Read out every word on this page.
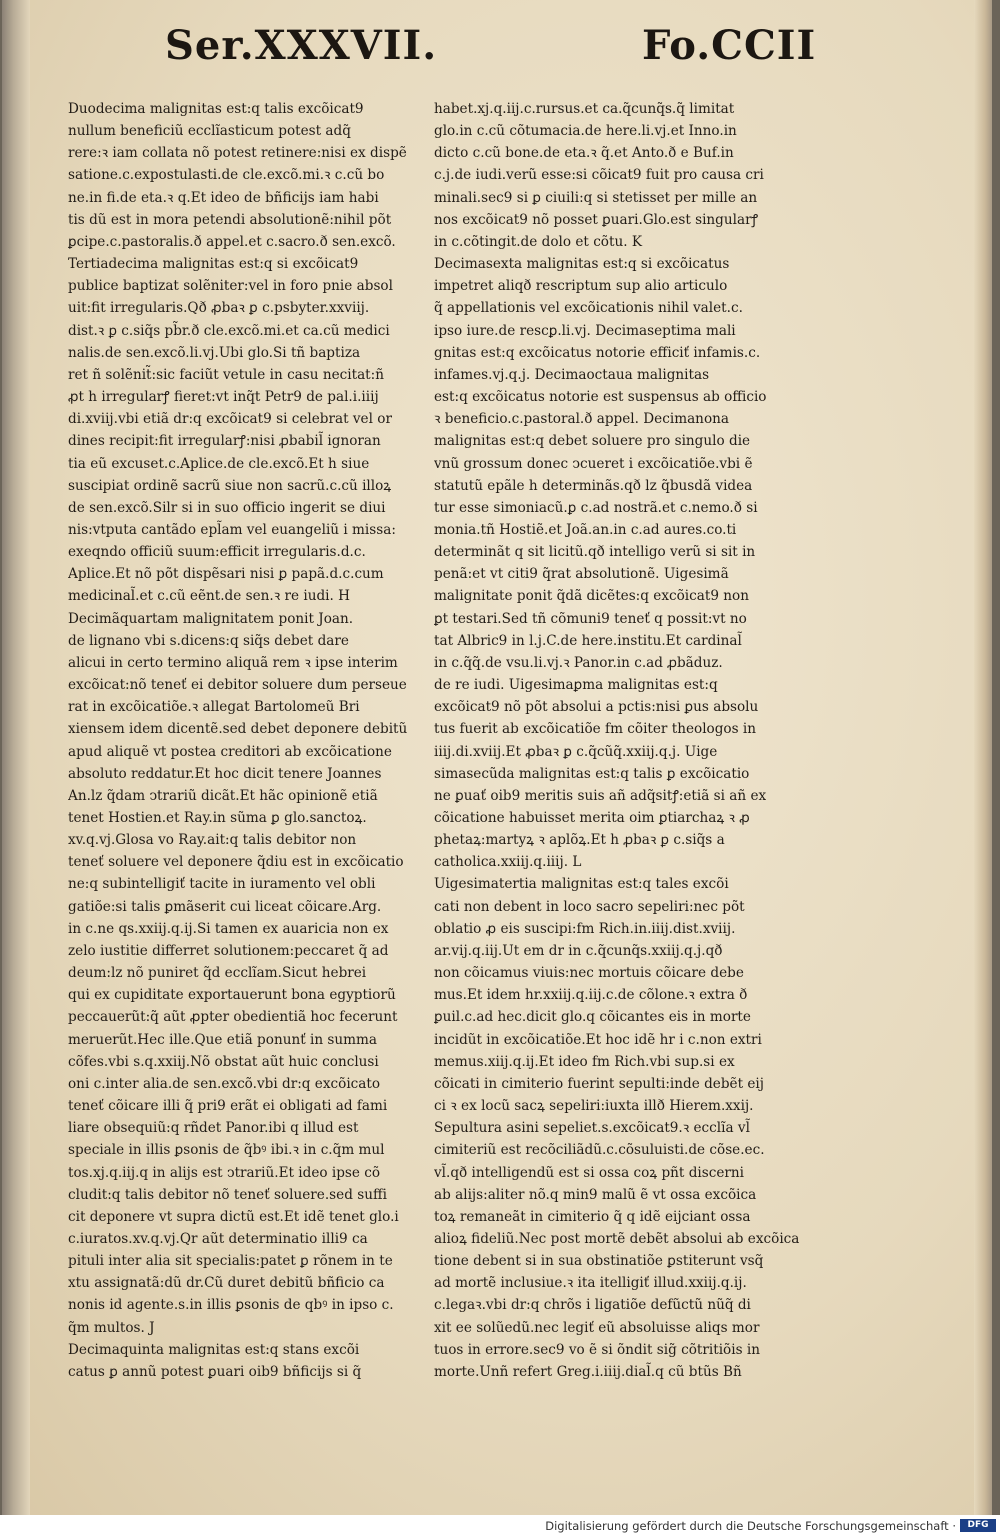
Ser.XXXVII.	Fo.CCII
Duodecima malignitas est:q talis excõicat9
nullum beneficiũ ecclĩasticum potest adq̃
rere:ꝛ iam collata nõ potest retinere:nisi ex dispẽ
satione.c.expostulasti.de cle.excõ.mi.ꝛ c.cũ bo
ne.in fi.de eta.ꝛ q.Et ideo de bñficijs iam habi
tis dũ est in mora petendi absolutionẽ:nihil põt
ꝑcipe.c.pastoralis.ð appel.et c.sacro.ð sen.excõ.
Tertiadecima malignitas est:q si excõicat9
publice baptizat solẽniter:vel in foro pnie absol
uit:fit irregularis.Qð ꝓbaꝛ ꝑ c.psbyter.xxviij.
dist.ꝛ ꝑ c.siq̃s pb̃r.ð cle.excõ.mi.et ca.cũ medici
nalis.de sen.excõ.li.vj.Ubi glo.Si tñ baptiza
ret ñ solẽnit̃:sic faciũt vetule in casu necitat:ñ
ꝓt h irregularꝭ fieret:vt inq̃t Petr9 de pal.i.iiij
di.xviij.vbi etiã dr:q excõicat9 si celebrat vel or
dines recipit:fit irregularꝭ:nisi ꝓbabil̃ ignoran
tia eũ excuset.c.Aplice.de cle.excõ.Et h siue
suscipiat ordinẽ sacrũ siue non sacrũ.c.cũ illoꝝ
de sen.excõ.Silr si in suo officio ingerit se diui
nis:vtputa cantãdo epl̃am vel euangeliũ i missa:
exeqndo officiũ suum:efficit irregularis.d.c.
Aplice.Et nõ põt dispẽsari nisi ꝑ papã.d.c.cum
medicinal̃.et c.cũ eẽnt.de sen.ꝛ re iudi. H
Decimãquartam malignitatem ponit Joan.
de lignano vbi s.dicens:q siq̃s debet dare
alicui in certo termino aliquã rem ꝛ ipse interim
excõicat:nõ teneť ei debitor soluere dum perseue
rat in excõicatiõe.ꝛ allegat Bartolomeũ Bri
xiensem idem dicentẽ.sed debet deponere debitũ
apud aliquẽ vt postea creditori ab excõicatione
absoluto reddatur.Et hoc dicit tenere Joannes
An.lz q̃dam ↄtrariũ dicãt.Et hãc opinionẽ etiã
tenet Hostien.et Ray.in sũma ꝑ glo.sanctoꝝ.
xv.q.vj.Glosa vo Ray.ait:q talis debitor non
teneť soluere vel deponere q̃diu est in excõicatio
ne:q subintelligiť tacite in iuramento vel obli
gatiõe:si talis ꝑmãserit cui liceat cõicare.Arg.
in c.ne qs.xxiij.q.ij.Si tamen ex auaricia non ex
zelo iustitie differret solutionem:peccaret q̃ ad
deum:lz nõ puniret q̃d ecclĩam.Sicut hebrei
qui ex cupiditate exportauerunt bona egyptiorũ
peccauerũt:q̃ aũt ꝓpter obedientiã hoc fecerunt
meruerũt.Hec ille.Que etiã ponunť in summa
cõfes.vbi s.q.xxiij.Nõ obstat aũt huic conclusi
oni c.inter alia.de sen.excõ.vbi dr:q excõicato
teneť cõicare illi q̃ pri9 erãt ei obligati ad fami
liare obsequiũ:q rñdet Panor.ibi q illud est
speciale in illis ꝑsonis de q̃bꝰ ibi.ꝛ in c.q̃m mul
tos.xj.q.iij.q in alijs est ↄtrariũ.Et ideo ipse cõ
cludit:q talis debitor nõ teneť soluere.sed suffi
cit deponere vt supra dictũ est.Et idẽ tenet glo.i
c.iuratos.xv.q.vj.Qr aũt determinatio illi9 ca
pituli inter alia sit specialis:patet ꝑ rõnem in te
xtu assignatã:dũ dr.Cũ duret debitũ bñficio ca
nonis id agente.s.in illis ꝑsonis de qbꝰ in ipso c.
q̃m multos. J
Decimaquinta malignitas est:q stans excõi
catus ꝑ annũ potest ꝑuari oib9 bñficijs si q̃
habet.xj.q.iij.c.rursus.et ca.q̃cunq̃s.q̃ limitat
glo.in c.cũ cõtumacia.de here.li.vj.et Inno.in
dicto c.cũ bone.de eta.ꝛ q̃.et Anto.ð e Buf.in
c.j.de iudi.verũ esse:si cõicat9 fuit pro causa cri
minali.sec9 si ꝑ ciuili:q si stetisset per mille an
nos excõicat9 nõ posset ꝑuari.Glo.est singularꝭ
in c.cõtingit.de dolo et cõtu. K
Decimasexta malignitas est:q si excõicatus
impetret aliqð rescriptum sup alio articulo
q̃ appellationis vel excõicationis nihil valet.c.
ipso iure.de rescꝑ.li.vj. Decimaseptima mali
gnitas est:q excõicatus notorie efficiť infamis.c.
infames.vj.q.j. Decimaoctaua malignitas
est:q excõicatus notorie est suspensus ab officio
ꝛ beneficio.c.pastoral.ð appel. Decimanona
malignitas est:q debet soluere pro singulo die
vnũ grossum donec ↄcueret i excõicatiõe.vbi ẽ
statutũ epãle h determinãs.qð lz q̃busdã videa
tur esse simoniacũ.ꝑ c.ad nostrã.et c.nemo.ð si
monia.tñ Hostiẽ.et Joã.an.in c.ad aures.co.ti
determinãt q sit licitũ.qð intelligo verũ si sit in
penã:et vt citi9 q̃rat absolutionẽ. Uigesimã
malignitate ponit q̃dã dicẽtes:q excõicat9 non
ꝑt testari.Sed tñ cõmuni9 teneť q possit:vt no
tat Albric9 in l.j.C.de here.institu.Et cardinal̃
in c.q̃q̃.de vsu.li.vj.ꝛ Panor.in c.ad ꝓbãduz.
de re iudi. Uigesimaꝑma malignitas est:q
excõicat9 nõ põt absolui a pctis:nisi ꝑus absolu
tus fuerit ab excõicatiõe fm cõiter theologos in
iiij.di.xviij.Et ꝓbaꝛ ꝑ c.q̃cũq̃.xxiij.q.j. Uige
simasecũda malignitas est:q talis ꝑ excõicatio
ne ꝑuať oib9 meritis suis añ adq̃sitꝭ:etiã si añ ex
cõicatione habuisset merita oim ꝑtiarchaꝝ ꝛ ꝓ
phetaꝝ:martyꝝ ꝛ aplõꝝ.Et h ꝓbaꝛ ꝑ c.siq̃s a
catholica.xxiij.q.iiij. L
Uigesimatertia malignitas est:q tales excõi
cati non debent in loco sacro sepeliri:nec põt
oblatio ꝓ eis suscipi:fm Rich.in.iiij.dist.xviij.
ar.vij.q.iij.Ut em dr in c.q̃cunq̃s.xxiij.q.j.qð
non cõicamus viuis:nec mortuis cõicare debe
mus.Et idem hr.xxiij.q.iij.c.de cõlone.ꝛ extra ð
ꝑuil.c.ad hec.dicit glo.q cõicantes eis in morte
incidũt in excõicatiõe.Et hoc idẽ hr i c.non extri
memus.xiij.q.ij.Et ideo fm Rich.vbi sup.si ex
cõicati in cimiterio fuerint sepulti:inde debẽt eij
ci ꝛ ex locũ sacꝝ sepeliri:iuxta illð Hierem.xxij.
Sepultura asini sepeliet.s.excõicat9.ꝛ ecclĩa vl̃
cimiteriũ est recõciliãdũ.c.cõsuluisti.de cõse.ec.
vl̃.qð intelligendũ est si ossa coꝝ pñt discerni
ab alijs:aliter nõ.q min9 malũ ẽ vt ossa excõica
toꝝ remaneãt in cimiterio q̃ q idẽ eijciant ossa
alioꝝ fideliũ.Nec post mortẽ debẽt absolui ab excõica
tione debent si in sua obstinatiõe ꝑstiterunt vsq̃
ad mortẽ inclusiue.ꝛ ita itelligiť illud.xxiij.q.ij.
c.legaꝛ.vbi dr:q chrõs i ligatiõe defũctũ nũq̃ di
xit ee solũedũ.nec legiť eũ absoluisse aliqs mor
tuos in errore.sec9 vo ẽ si õndit sig̃ cõtritiõis in
morte.Unñ refert Greg.i.iiij.dial̃.q cũ btũs Bñ
Digitalisierung gefördert durch die Deutsche Forschungsgemeinschaft ·	DFG
